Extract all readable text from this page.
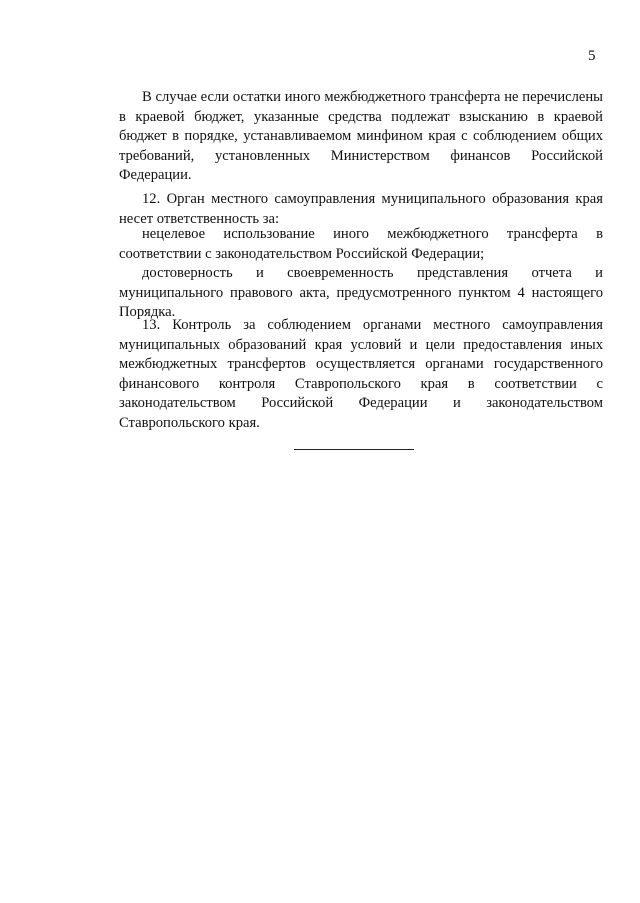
5

В случае если остатки иного межбюджетного трансферта не перечислены в краевой бюджет, указанные средства подлежат взысканию в краевой бюджет в порядке, устанавливаемом минфином края с соблюдением общих требований, установленных Министерством финансов Российской Федерации.

12. Орган местного самоуправления муниципального образования края несет ответственность за:

нецелевое использование иного межбюджетного трансферта в соответствии с законодательством Российской Федерации;

достоверность и своевременность представления отчета и муниципального правового акта, предусмотренного пунктом 4 настоящего Порядка.

13. Контроль за соблюдением органами местного самоуправления муниципальных образований края условий и цели предоставления иных межбюджетных трансфертов осуществляется органами государственного финансового контроля Ставропольского края в соответствии с законодательством Российской Федерации и законодательством Ставропольского края.
